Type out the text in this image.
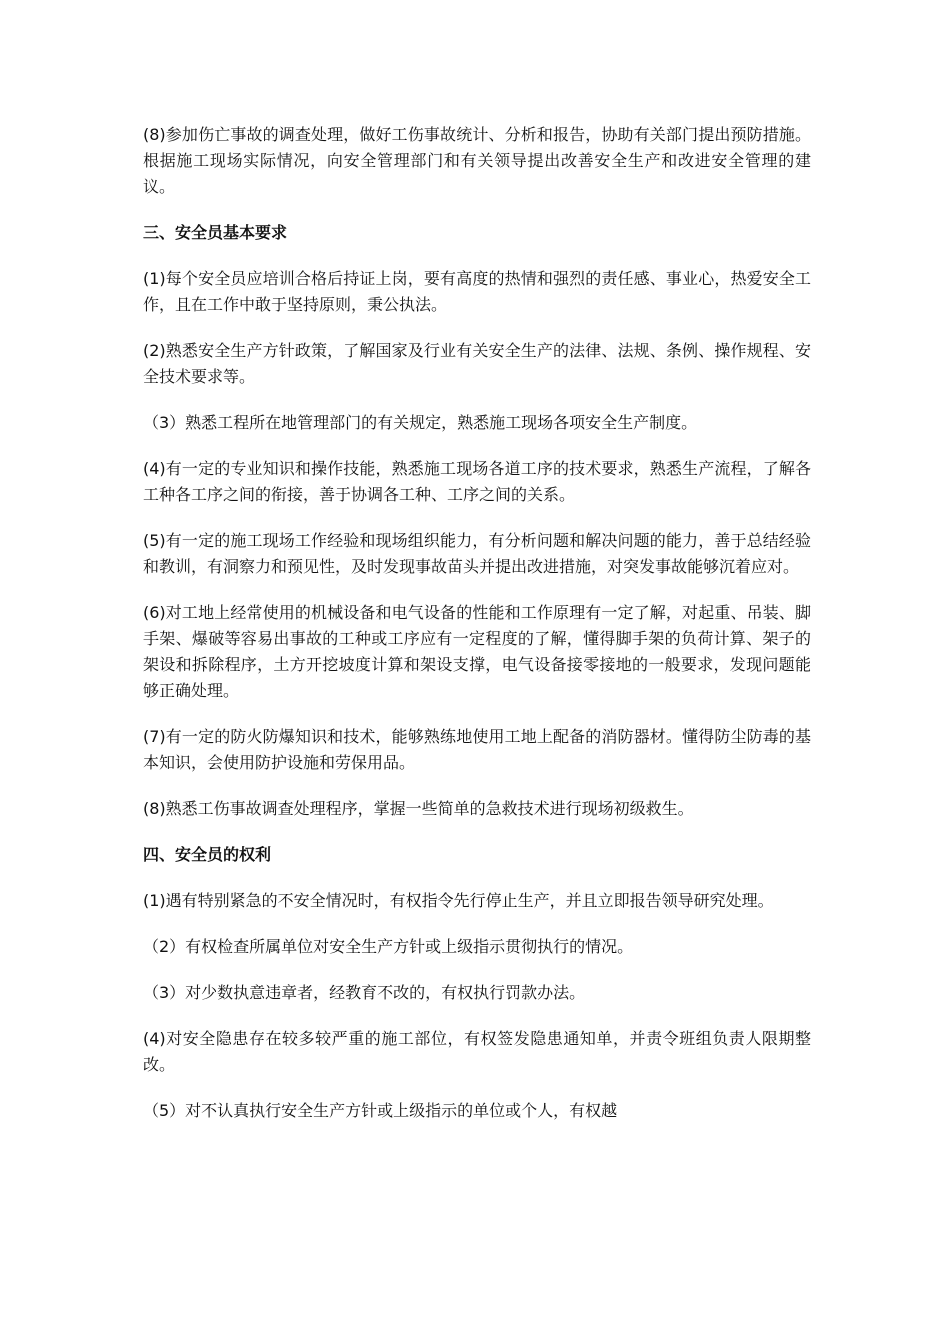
(8)参加伤亡事故的调查处理，做好工伤事故统计、分析和报告，协助有关部门提出预防措施。根据施工现场实际情况，向安全管理部门和有关领导提出改善安全生产和改进安全管理的建议。

三、安全员基本要求

(1)每个安全员应培训合格后持证上岗，要有高度的热情和强烈的责任感、事业心，热爱安全工作，且在工作中敢于坚持原则，秉公执法。

(2)熟悉安全生产方针政策，了解国家及行业有关安全生产的法律、法规、条例、操作规程、安全技术要求等。

（3）熟悉工程所在地管理部门的有关规定，熟悉施工现场各项安全生产制度。

(4)有一定的专业知识和操作技能，熟悉施工现场各道工序的技术要求，熟悉生产流程，了解各工种各工序之间的衔接，善于协调各工种、工序之间的关系。

(5)有一定的施工现场工作经验和现场组织能力，有分析问题和解决问题的能力，善于总结经验和教训，有洞察力和预见性，及时发现事故苗头并提出改进措施，对突发事故能够沉着应对。

(6)对工地上经常使用的机械设备和电气设备的性能和工作原理有一定了解，对起重、吊装、脚手架、爆破等容易出事故的工种或工序应有一定程度的了解，懂得脚手架的负荷计算、架子的架设和拆除程序，土方开挖坡度计算和架设支撑，电气设备接零接地的一般要求，发现问题能够正确处理。

(7)有一定的防火防爆知识和技术，能够熟练地使用工地上配备的消防器材。懂得防尘防毒的基本知识，会使用防护设施和劳保用品。

(8)熟悉工伤事故调查处理程序，掌握一些简单的急救技术进行现场初级救生。

四、安全员的权利

(1)遇有特别紧急的不安全情况时，有权指令先行停止生产，并且立即报告领导研究处理。

（2）有权检查所属单位对安全生产方针或上级指示贯彻执行的情况。

（3）对少数执意违章者，经教育不改的，有权执行罚款办法。

(4)对安全隐患存在较多较严重的施工部位，有权签发隐患通知单，并责令班组负责人限期整改。

（5）对不认真执行安全生产方针或上级指示的单位或个人，有权越
